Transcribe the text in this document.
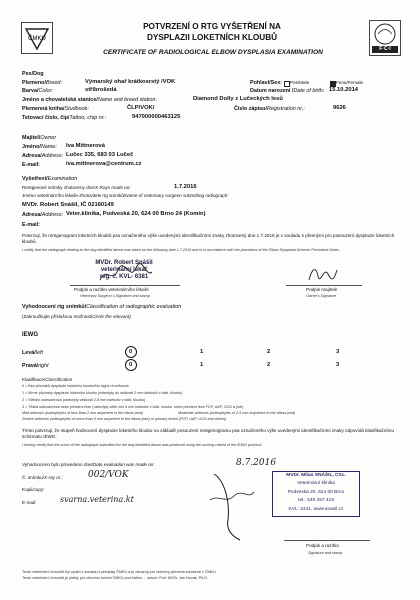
ČMKU
F·C·I
POTVRZENÍ O RTG VYŠETŘENÍ NA
DYSPLAZII LOKETNÍCH KLOUBŮ
CERTIFICATE OF RADIOLOGICAL ELBOW DYSPLASIA EXAMINATION
Pes/Dog
Plemeno/Breed:	Výmarský ohař krátkosrstý /VOK	Pohlaví/Sex: Pes/Male	Fena/Female
Barva/Color:	stříbrošedá	Datum narození /Date of birth: 15.10.2014
Jméno a chovatelská stanice/Name and breed station:	Diamond Dolly z Lučeckých lesů
Plemenná kniha/Studbook:	ČLP/VOK/	Číslo zápisu/Registration nr.:	9626
Tetovací číslo, čip/Tattoo, chip nr.:	947000000463125
Majitel/Owner
Jméno/Name: Iva Mittnerová
Adresa/Address: Lučec 335, 683 03 Lučeč
E-mail:	iva.mittnerova@centrum.cz
Vyšetření/Examination
Rentgenové snímky zhotoveny dne/X-Rays made on:	1.7.2016
Jméno veterinárního lékaře-zhotovitele rtg snímků/Name of veterinary surgeon submitting radiograph:
MVDr. Robert Snášil, IČ 02160149
Adresa/Address: Veter.klinika, Podveská 20, 624 00 Brno 24 (Komín)
E-mail:
Potvrzuji, že rentgenogram loketních kloubů psa označeného výše uvedenými identifikačními znaky zhotovený dne 1.7.2016 je v souladu s přesnými pro posouzení dysplazie loketních kloubů.
I certify that the radiograph relating to the dog identified above was taken on the following date 1.7.2016 and is in accordance with the provisions of the Elbow Dysplasia Scheme Procedure Notes.
MVDr. Robert Snášil
veterinární lékař
reg. č. KVL- 6381
Podpis a razítko veterinárního lékaře
Veterinary Surgeon´s Signature and stamp
Podpis majitele
Owner's Signature
Vyhodnocení rtg snímků/Classification of radiographic evaluation
(Zakroužkujte příslušnou možnost/Circle the relevant)
IEWG
Levá/left
Pravá/right
0	1	2	3
0	1	2	3
Klasifikace/Classification
0 = Bez příznaků dysplazie loketního kloubu/No signs of arthrosis
1 = Mírné příznaky dysplazie loketního kloubu (osteofyty do velikosti 2 mm kdekoliv v lokti, kloubu)
2 = Střední osteoartróza (osteofyty velikosti 2-5 mm kdekoliv v lokti, kloubu)
3 = Těžká osteoartróza nebo primární léze (osteofyty větší než 5 mm kdekoliv v lokti, kloubu, nebo primární léze FCP, UAP, OCD a jiné)
Mild arthrosis (osteophytes of less than 2 mm anywhere in the elbow joint)	Moderate arthrosis (osteophytes of 2-5 mm anywhere in the elbow joint)
Severe arthrosis (osteophytes of more than 5 mm anywhere in the elbow joint) or primary lesion (FCP, UAP, OCD and others)
Tímto potvrzuji, že stupeň hodnocení dysplazie loketního kloubu na základě posouzení rentgenogramu psa označeného výše uvedenými identifikačními znaky odpovídá klasifikačnímu schématu IEWG.
I hereby certify that the score of the radiograph submitted for the dog identified above was produced using the scoring criteria of the IEWG protocol.
Vyhodnoceno bylo provedeno dne/Date evaluation was made on:	8.7.2016
Č. snímku/X-ray nr.:	002/VOK
Kopii/copy:
E-mail:	svarna.veterina.kt
MVDr. Milan SNÁŠIL, CSc.
Veterinární klinika
Podveská 20, 624 00 Brno
tel.: 549 257 419
KVL: 2441, www.snasil.cz
Podpis a razítko
Signature and stamp
Tento veterinární formulář byl vydán v souladu s předpisy ČMKU a je závazný pro všechny plemena sdružené v ČMKU.
Tento veterinární formulář je platný pro chovnou komisi ČMKU pod číslem ... sekce: Prof. MVDr. Jan Novák, Ph.D.
